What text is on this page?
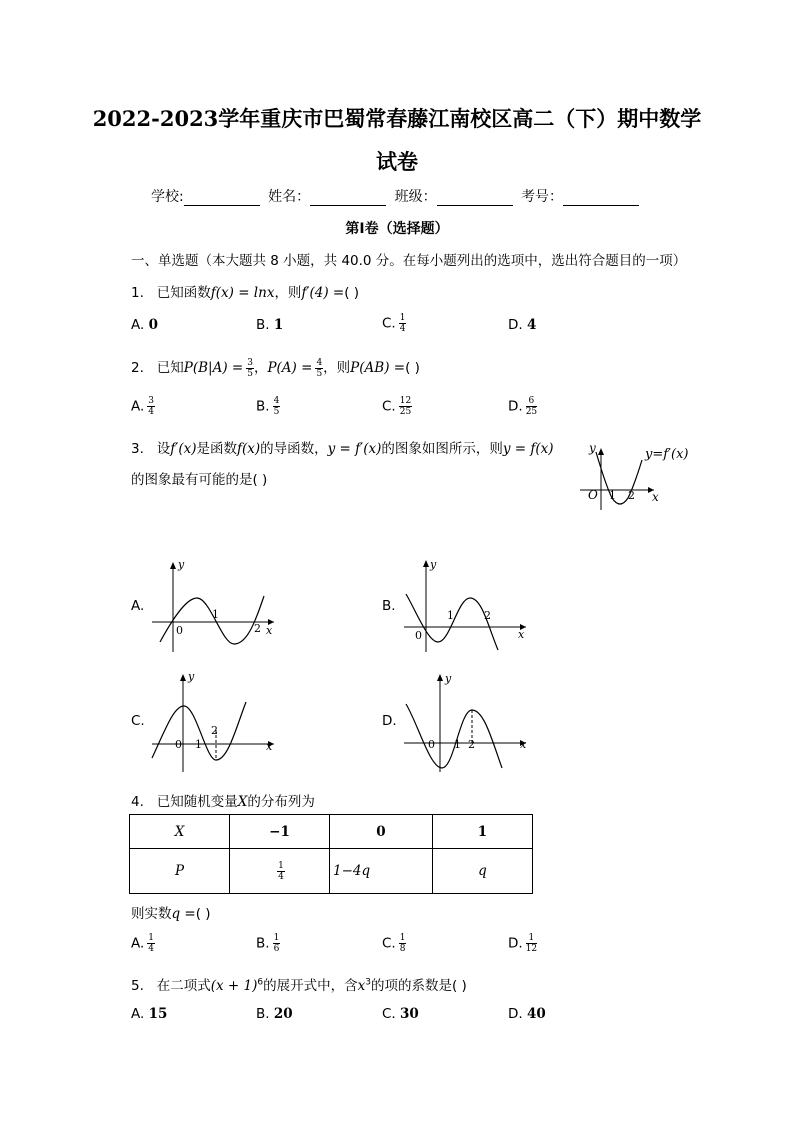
2022-2023学年重庆市巴蜀常春藤江南校区高二（下）期中数学
试卷
学校:	姓名：	班级：	考号：
第Ⅰ卷（选择题）
一、单选题（本大题共 8 小题，共 40.0 分。在每小题列出的选项中，选出符合题目的一项）
1. 已知函数f(x) = lnx，则f′(4) =( )
A. 0	B. 1	C. $\frac{1}{4}$	D. 4
2. 已知$P(B|A) = \frac{3}{5}$ ，$P(A) = \frac{4}{5}$ ，则P(AB) =( )
A. $\frac{3}{4}$	B. $\frac{4}{5}$	C. $\frac{12}{25}$	D. $\frac{6}{25}$
3. 设f′(x)是函数f(x)的导函数，y = f′(x)的图象如图所示，则y = f(x)
的图象最有可能的是( )
y
O 1 2 x
y=f′(x)
A.
y
0
1
2 x
B.
y
0
1	2
x
C.
y
0 1
2
x
D.
y
0 1 2	x
4. 已知随机变量X的分布列为
X	−1	0	1
P	$\frac{1}{4}$	1−4q	q
则实数q =( )
A. $\frac{1}{4}$	B. $\frac{1}{6}$	C. $\frac{1}{8}$	D. $\frac{1}{12}$
5. 在二项式$(x + 1)^6$的展开式中，含$x^3$的项的系数是( )
A. 15	B. 20	C. 30	D. 40
